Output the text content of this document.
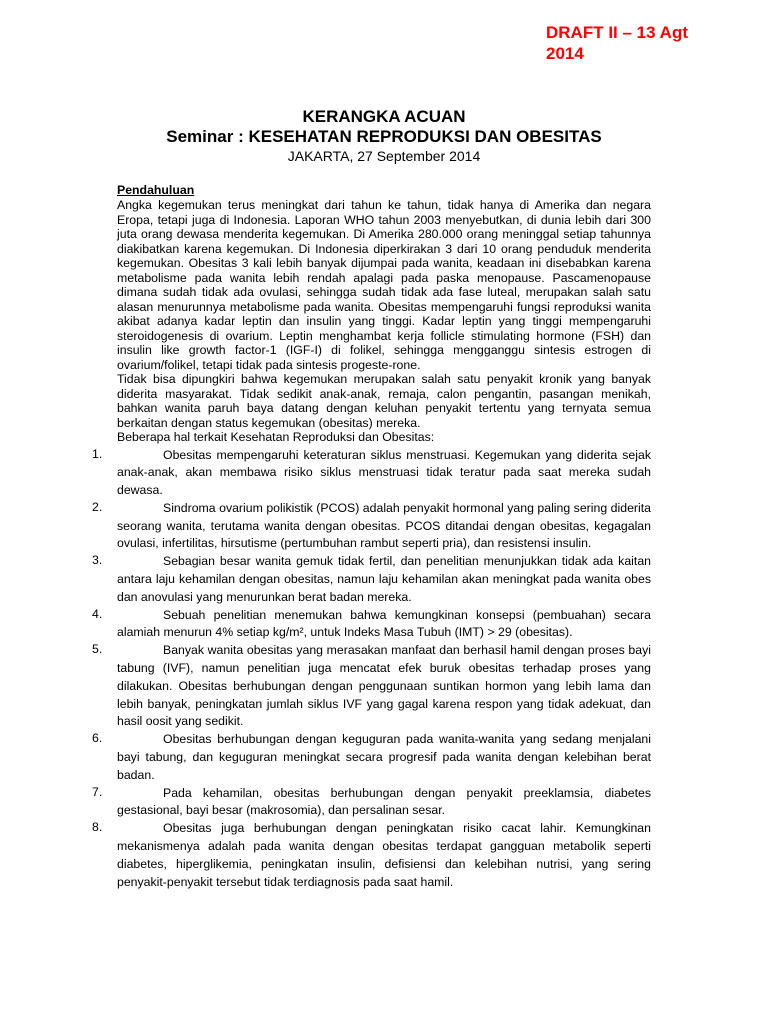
DRAFT II – 13 Agt
2014
KERANGKA ACUAN
Seminar : KESEHATAN REPRODUKSI DAN OBESITAS
JAKARTA, 27 September 2014
Pendahuluan
Angka kegemukan terus meningkat dari tahun ke tahun, tidak hanya di Amerika dan negara Eropa, tetapi juga di Indonesia. Laporan WHO tahun 2003 menyebutkan, di dunia lebih dari 300 juta orang dewasa menderita kegemukan. Di Amerika 280.000 orang meninggal setiap tahunnya diakibatkan karena kegemukan. Di Indonesia diperkirakan 3 dari 10 orang penduduk menderita kegemukan. Obesitas 3 kali lebih banyak dijumpai pada wanita, keadaan ini disebabkan karena metabolisme pada wanita lebih rendah apalagi pada paska menopause. Pascamenopause dimana sudah tidak ada ovulasi, sehingga sudah tidak ada fase luteal, merupakan salah satu alasan menurunnya metabolisme pada wanita. Obesitas mempengaruhi fungsi reproduksi wanita akibat adanya kadar leptin dan insulin yang tinggi. Kadar leptin yang tinggi mempengaruhi steroidogenesis di ovarium. Leptin menghambat kerja follicle stimulating hormone (FSH) dan insulin like growth factor-1 (IGF-I) di folikel, sehingga mengganggu sintesis estrogen di ovarium/folikel, tetapi tidak pada sintesis progeste-rone.
Tidak bisa dipungkiri bahwa kegemukan merupakan salah satu penyakit kronik yang banyak diderita masyarakat. Tidak sedikit anak-anak, remaja, calon pengantin, pasangan menikah, bahkan wanita paruh baya datang dengan keluhan penyakit tertentu yang ternyata semua berkaitan dengan status kegemukan (obesitas) mereka.
Beberapa hal terkait Kesehatan Reproduksi dan Obesitas:
1.	Obesitas mempengaruhi keteraturan siklus menstruasi. Kegemukan yang diderita sejak anak-anak, akan membawa risiko siklus menstruasi tidak teratur pada saat mereka sudah dewasa.
2.	Sindroma ovarium polikistik (PCOS) adalah penyakit hormonal yang paling sering diderita seorang wanita, terutama wanita dengan obesitas. PCOS ditandai dengan obesitas, kegagalan ovulasi, infertilitas, hirsutisme (pertumbuhan rambut seperti pria), dan resistensi insulin.
3.	Sebagian besar wanita gemuk tidak fertil, dan penelitian menunjukkan tidak ada kaitan antara laju kehamilan dengan obesitas, namun laju kehamilan akan meningkat pada wanita obes dan anovulasi yang menurunkan berat badan mereka.
4.	Sebuah penelitian menemukan bahwa kemungkinan konsepsi (pembuahan) secara alamiah menurun 4% setiap kg/m², untuk Indeks Masa Tubuh (IMT) > 29 (obesitas).
5.	Banyak wanita obesitas yang merasakan manfaat dan berhasil hamil dengan proses bayi tabung (IVF), namun penelitian juga mencatat efek buruk obesitas terhadap proses yang dilakukan. Obesitas berhubungan dengan penggunaan suntikan hormon yang lebih lama dan lebih banyak, peningkatan jumlah siklus IVF yang gagal karena respon yang tidak adekuat, dan hasil oosit yang sedikit.
6.	Obesitas berhubungan dengan keguguran pada wanita-wanita yang sedang menjalani bayi tabung, dan keguguran meningkat secara progresif pada wanita dengan kelebihan berat badan.
7.	Pada kehamilan, obesitas berhubungan dengan penyakit preeklamsia, diabetes gestasional, bayi besar (makrosomia), dan persalinan sesar.
8.	Obesitas juga berhubungan dengan peningkatan risiko cacat lahir. Kemungkinan mekanismenya adalah pada wanita dengan obesitas terdapat gangguan metabolik seperti diabetes, hiperglikemia, peningkatan insulin, defisiensi dan kelebihan nutrisi, yang sering penyakit-penyakit tersebut tidak terdiagnosis pada saat hamil.
